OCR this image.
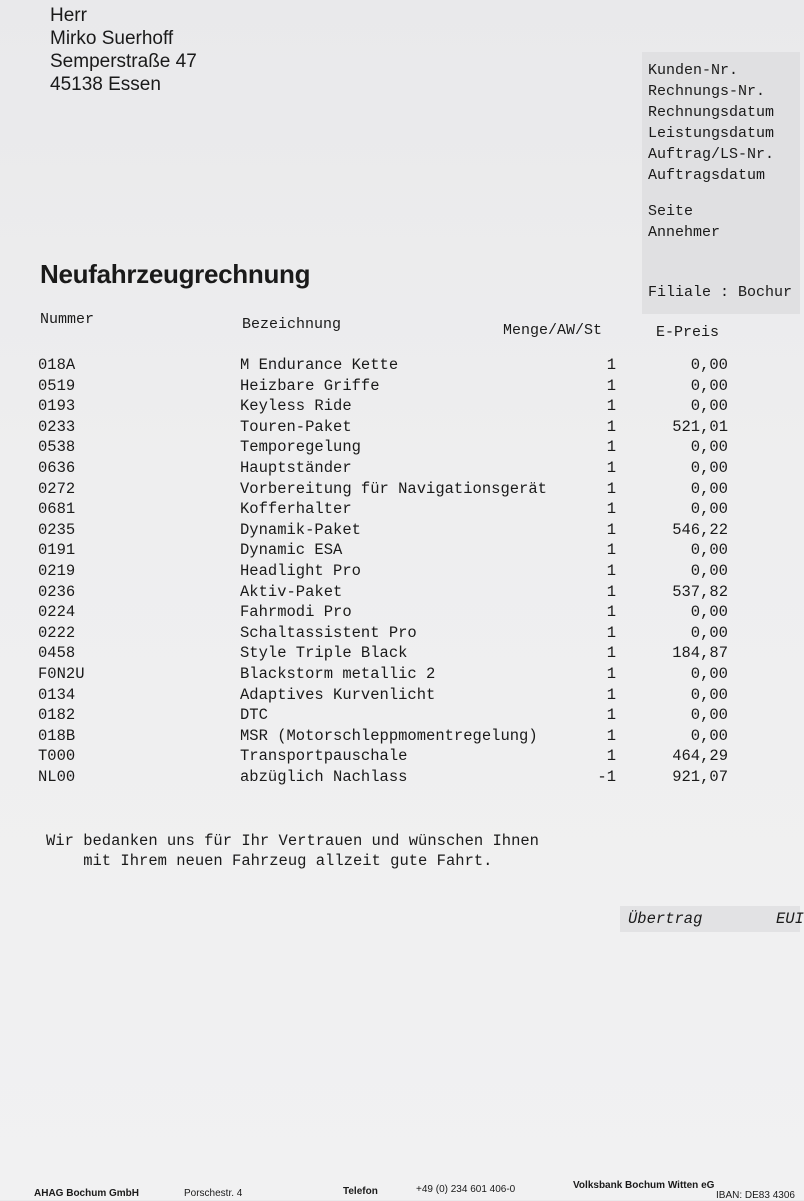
Herr
Mirko Suerhoff
Semperstraße 47
45138 Essen
Kunden-Nr.
Rechnungs-Nr.
Rechnungsdatum
Leistungsdatum
Auftrag/LS-Nr.
Auftragsdatum
Seite
Annehmer
Filiale : Bochur
Neufahrzeugrechnung
Nummer	Bezeichnung	Menge/AW/St	E-Preis
018A	M Endurance Kette	1	0,00
0519	Heizbare Griffe	1	0,00
0193	Keyless Ride	1	0,00
0233	Touren-Paket	1	521,01
0538	Temporegelung	1	0,00
0636	Hauptständer	1	0,00
0272	Vorbereitung für Navigationsgerät	1	0,00
0681	Kofferhalter	1	0,00
0235	Dynamik-Paket	1	546,22
0191	Dynamic ESA	1	0,00
0219	Headlight Pro	1	0,00
0236	Aktiv-Paket	1	537,82
0224	Fahrmodi Pro	1	0,00
0222	Schaltassistent Pro	1	0,00
0458	Style Triple Black	1	184,87
F0N2U	Blackstorm metallic 2	1	0,00
0134	Adaptives Kurvenlicht	1	0,00
0182	DTC	1	0,00
018B	MSR (Motorschleppmomentregelung)	1	0,00
T000	Transportpauschale	1	464,29
NL00	abzüglich Nachlass	-1	921,07
Wir bedanken uns für Ihr Vertrauen und wünschen Ihnen
mit Ihrem neuen Fahrzeug allzeit gute Fahrt.
Übertrag	EUI
AHAG Bochum GmbH	Porschestr. 4	Telefon	+49 (0) 234 601 406-0	Volksbank Bochum Witten eG
IBAN: DE83 4306
